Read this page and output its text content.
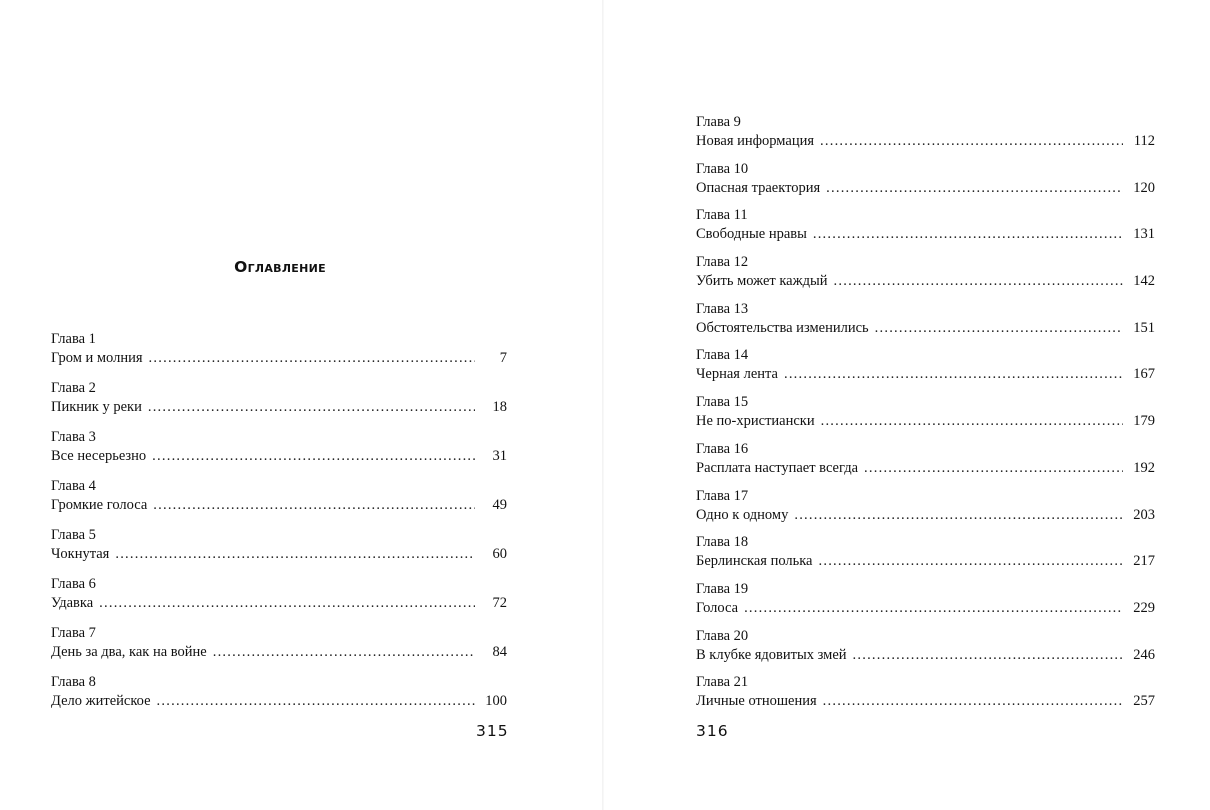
Оглавление
Глава 1
Гром и молния . . .	7
Глава 2
Пикник у реки . . .	18
Глава 3
Все несерьезно . . .	31
Глава 4
Громкие голоса . . .	49
Глава 5
Чокнутая . . .	60
Глава 6
Удавка . . .	72
Глава 7
День за два, как на войне . . .	84
Глава 8
Дело житейское . . .	100

315

Глава 9
Новая информация . . .	112
Глава 10
Опасная траектория . . .	120
Глава 11
Свободные нравы . . .	131
Глава 12
Убить может каждый . . .	142
Глава 13
Обстоятельства изменились . . .	151
Глава 14
Черная лента . . .	167
Глава 15
Не по-христиански . . .	179
Глава 16
Расплата наступает всегда . . .	192
Глава 17
Одно к одному . . .	203
Глава 18
Берлинская полька . . .	217
Глава 19
Голоса . . .	229
Глава 20
В клубке ядовитых змей . . .	246
Глава 21
Личные отношения . . .	257

316
